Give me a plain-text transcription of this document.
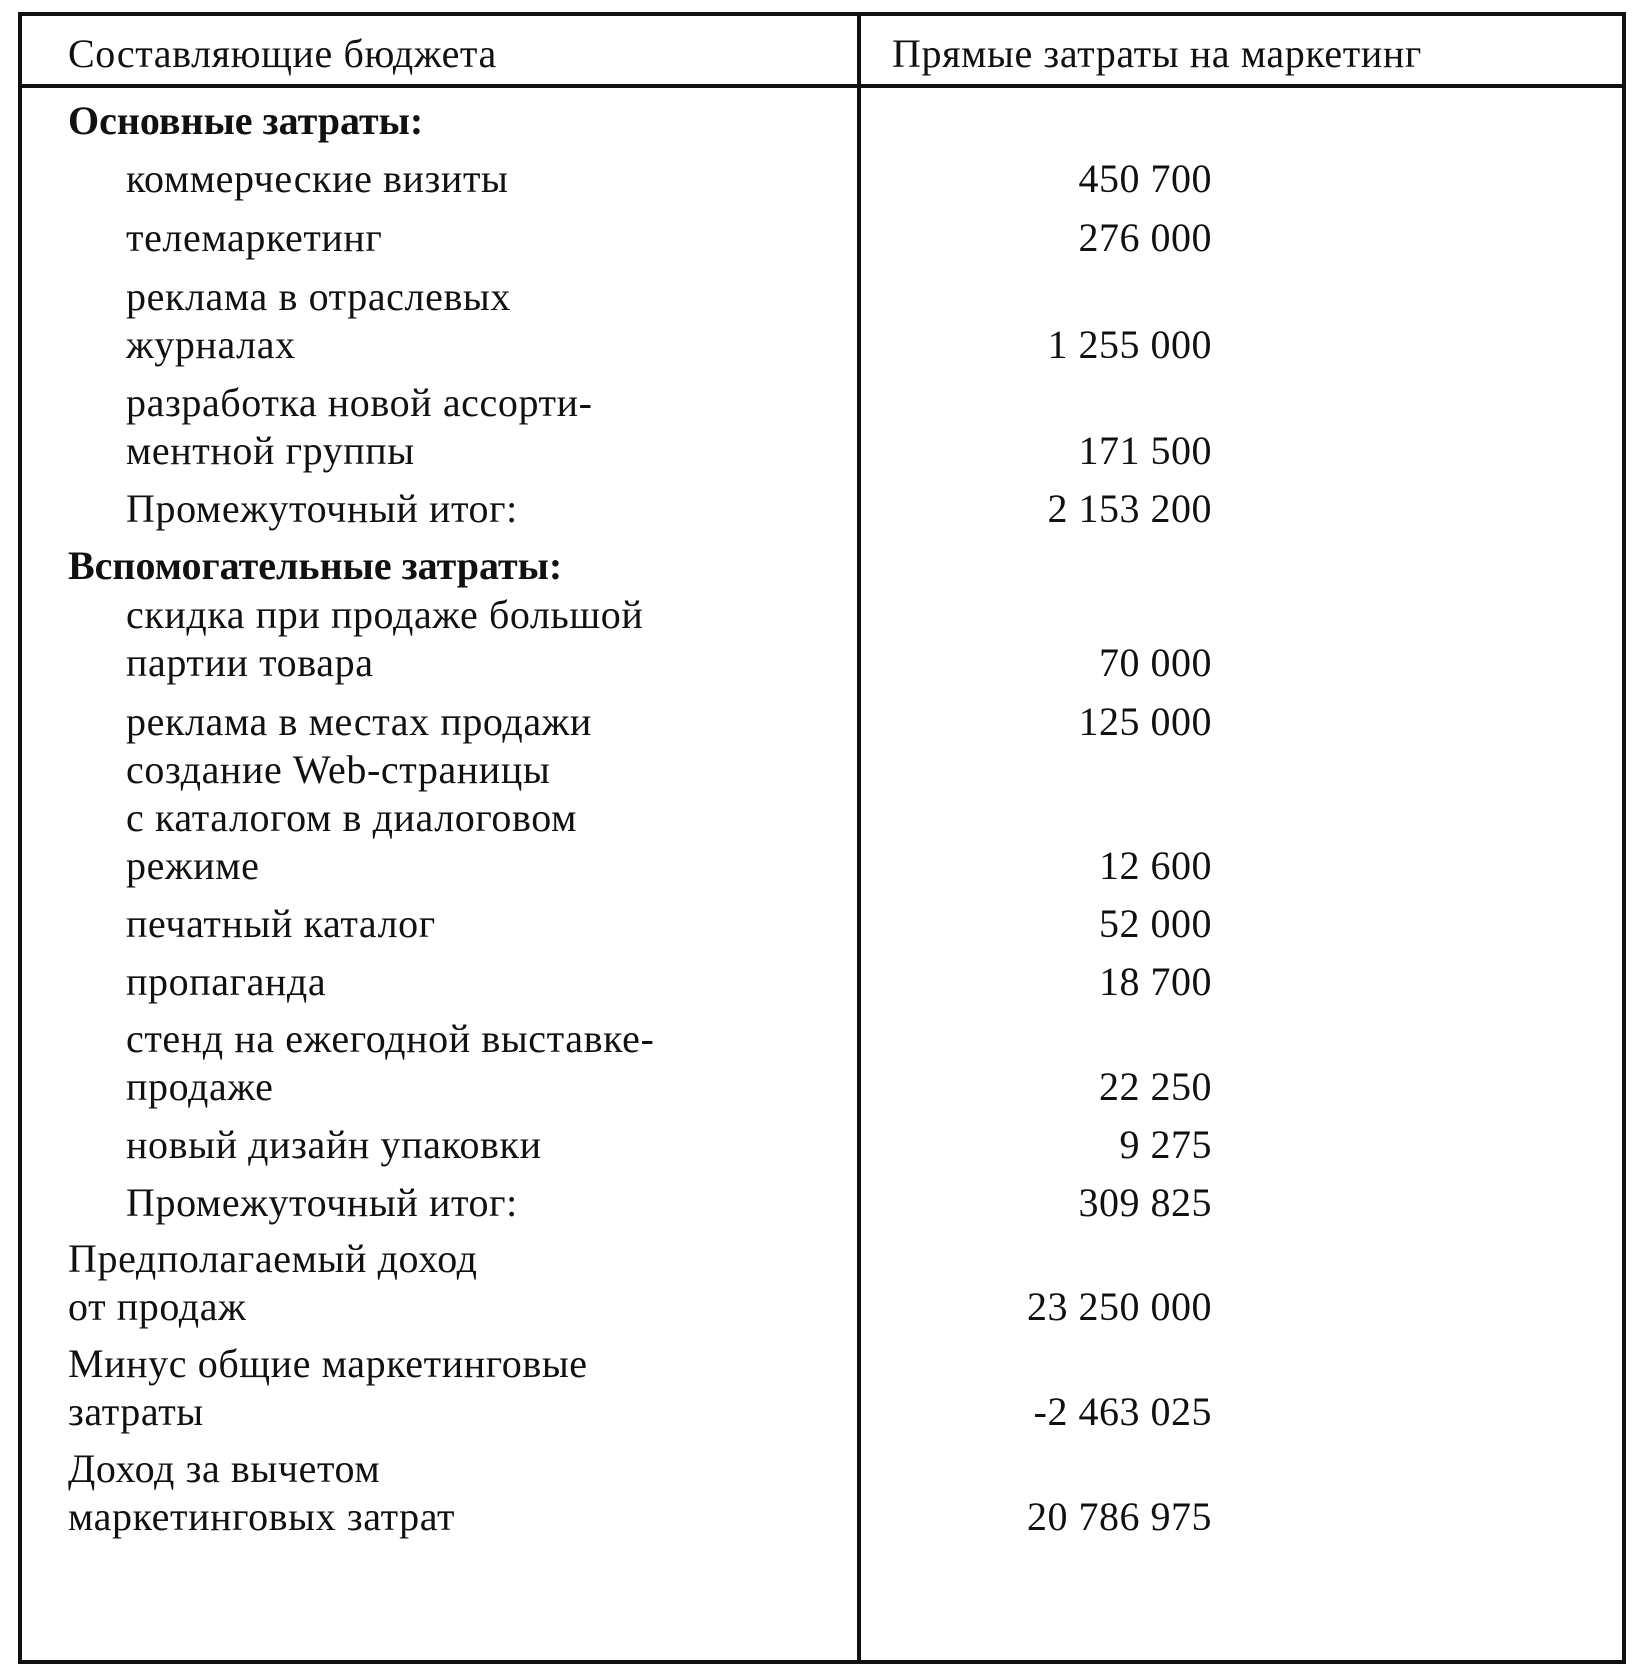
Составляющие бюджета	Прямые затраты на маркетинг
Основные затраты:
коммерческие визиты	450 700
телемаркетинг	276 000
реклама в отраслевых
журналах	1 255 000
разработка новой ассорти-
ментной группы	171 500
Промежуточный итог:	2 153 200
Вспомогательные затраты:
скидка при продаже большой
партии товара	70 000
реклама в местах продажи	125 000
создание Web-страницы
с каталогом в диалоговом
режиме	12 600
печатный каталог	52 000
пропаганда	18 700
стенд на ежегодной выставке-
продаже	22 250
новый дизайн упаковки	9 275
Промежуточный итог:	309 825
Предполагаемый доход
от продаж	23 250 000
Минус общие маркетинговые
затраты	-2 463 025
Доход за вычетом
маркетинговых затрат	20 786 975
